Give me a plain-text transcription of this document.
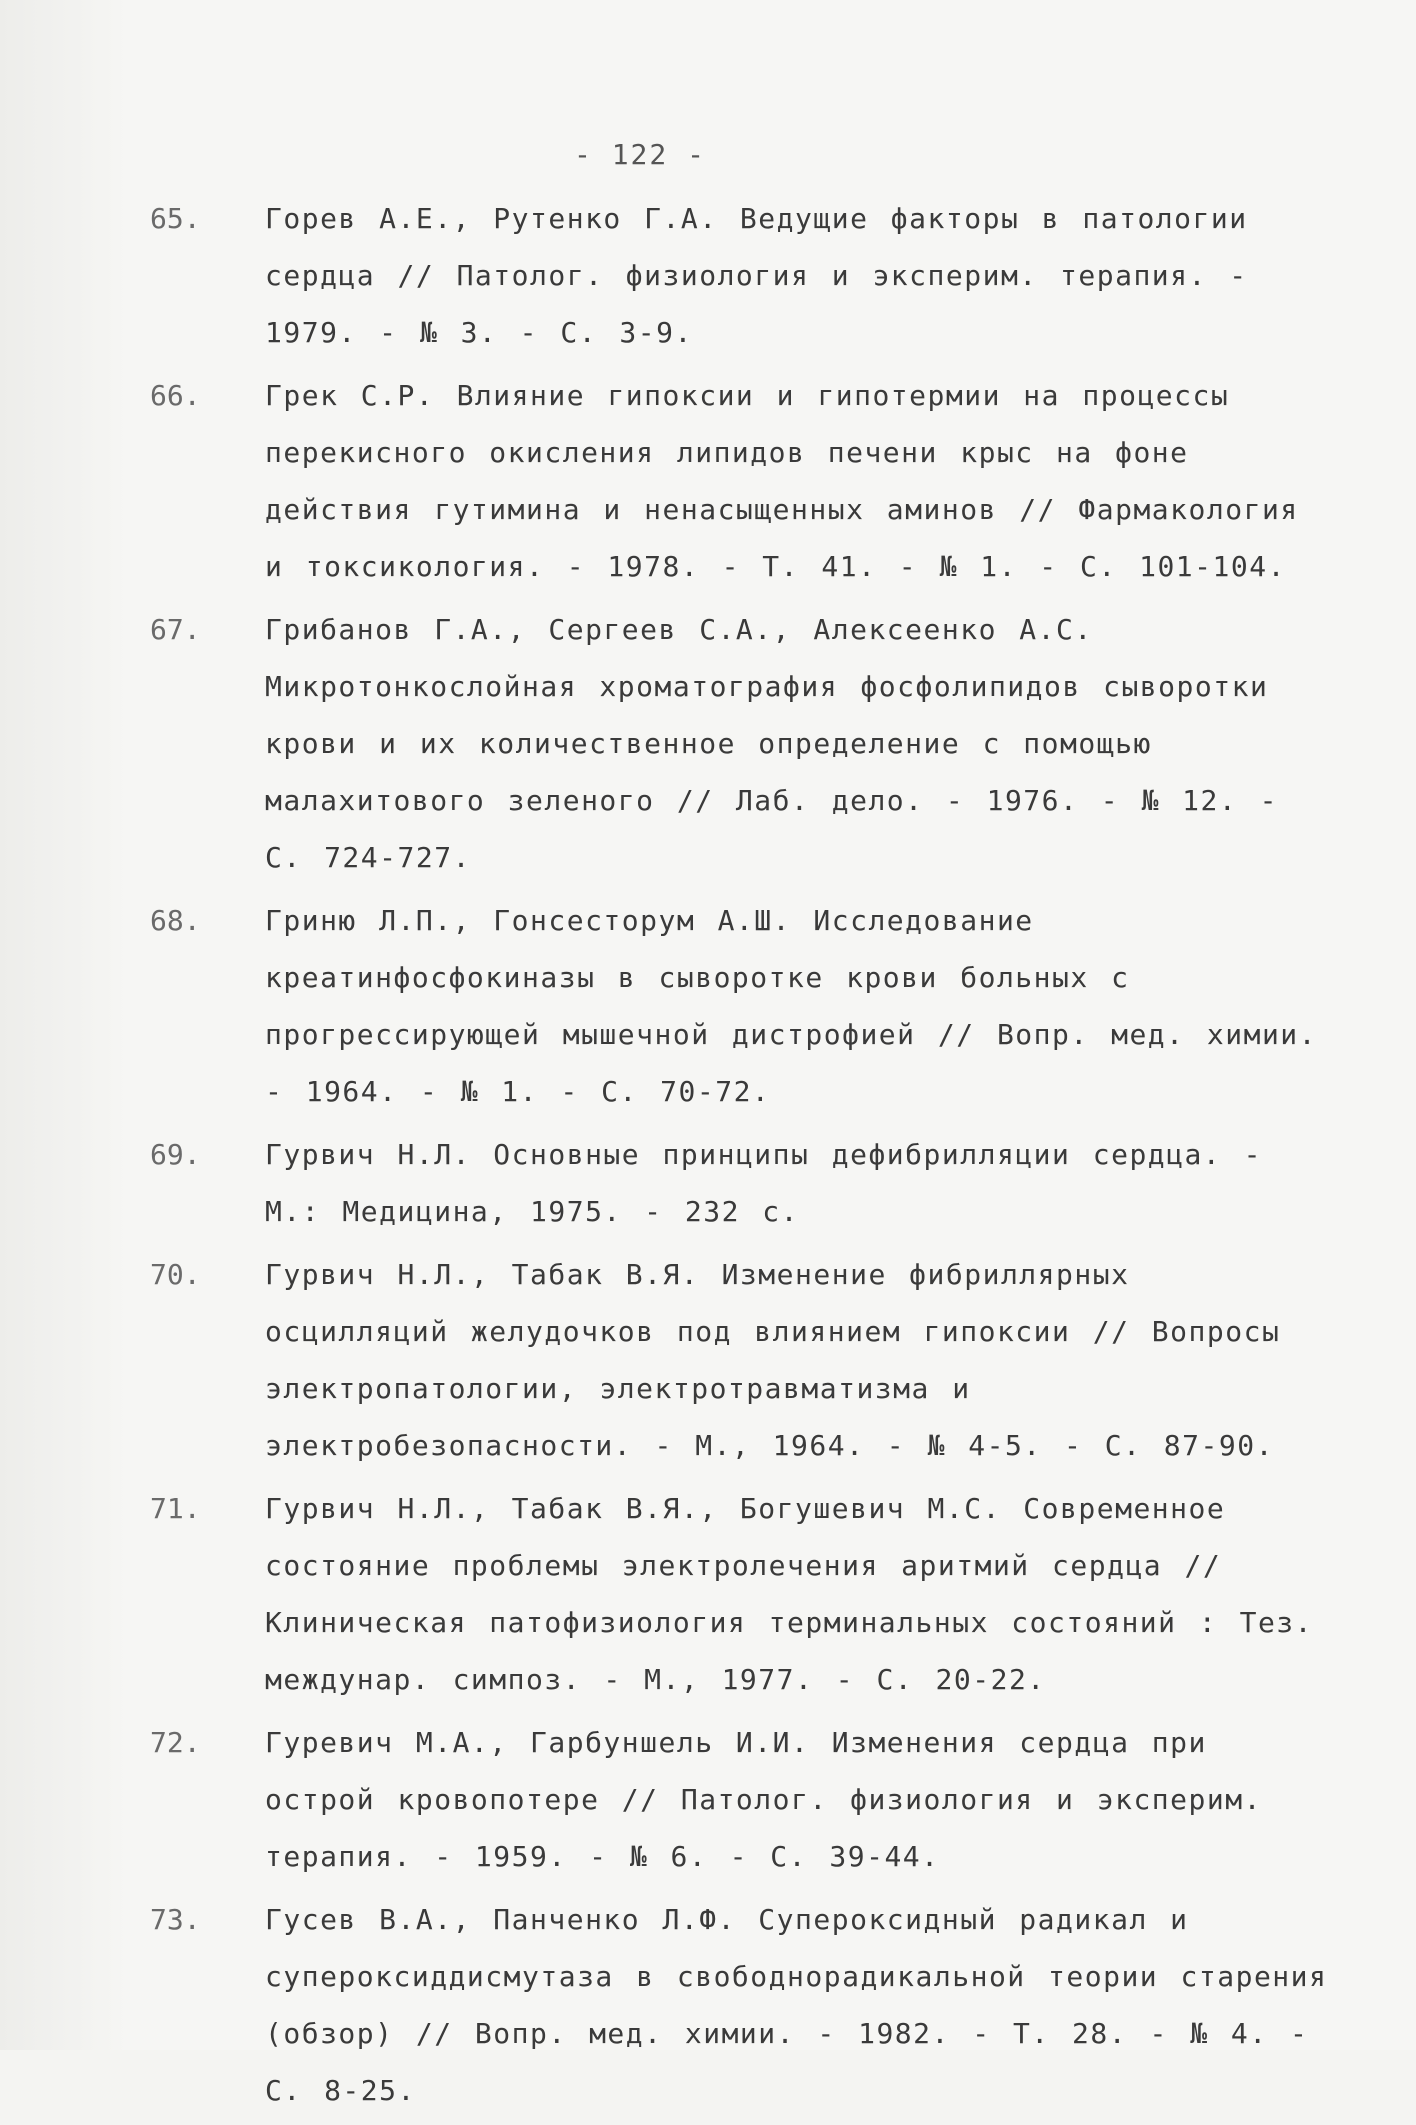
- 122 -
65.	Горев А.Е., Рутенко Г.А. Ведущие факторы в патологии сердца // Патолог. физиология и эксперим. терапия. - 1979. - № 3. - С. 3-9.
66.	Грек С.Р. Влияние гипоксии и гипотермии на процессы перекисного окисления липидов печени крыс на фоне действия гутимина и ненасыщенных аминов // Фармакология и токсикология. - 1978. - Т. 41. - № 1. - С. 101-104.
67.	Грибанов Г.А., Сергеев С.А., Алексеенко А.С. Микротонкослойная хроматография фосфолипидов сыворотки крови и их количественное определение с помощью малахитового зеленого // Лаб. дело. - 1976. - № 12. - С. 724-727.
68.	Гриню Л.П., Гонсесторум А.Ш. Исследование креатинфосфокиназы в сыворотке крови больных с прогрессирующей мышечной дистрофией // Вопр. мед. химии. - 1964. - № 1. - С. 70-72.
69.	Гурвич Н.Л. Основные принципы дефибрилляции сердца. - М.: Медицина, 1975. - 232 с.
70.	Гурвич Н.Л., Табак В.Я. Изменение фибриллярных осцилляций желудочков под влиянием гипоксии // Вопросы электропатологии, электротравматизма и электробезопасности. - М., 1964. - № 4-5. - С. 87-90.
71.	Гурвич Н.Л., Табак В.Я., Богушевич М.С. Современное состояние проблемы электролечения аритмий сердца // Клиническая патофизиология терминальных состояний : Тез. междунар. симпоз. - М., 1977. - С. 20-22.
72.	Гуревич М.А., Гарбуншель И.И. Изменения сердца при острой кровопотере // Патолог. физиология и эксперим. терапия. - 1959. - № 6. - С. 39-44.
73.	Гусев В.А., Панченко Л.Ф. Супероксидный радикал и супероксиддисмутаза в свободнорадикальной теории старения (обзор) // Вопр. мед. химии. - 1982. - Т. 28. - № 4. - С. 8-25.
